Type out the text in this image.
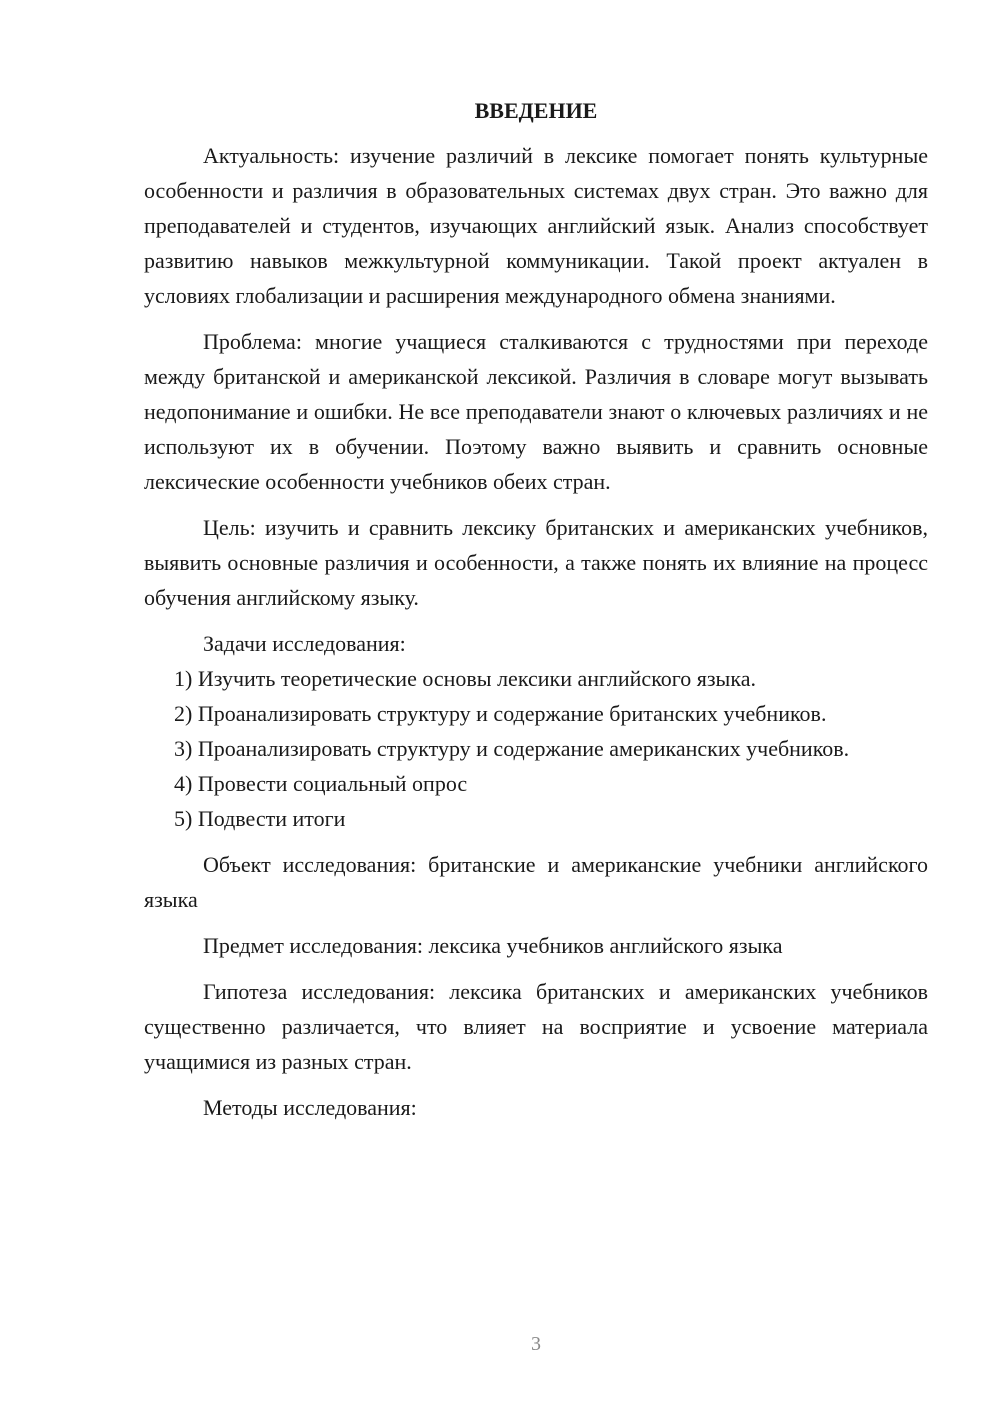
ВВЕДЕНИЕ

Актуальность: изучение различий в лексике помогает понять культурные особенности и различия в образовательных системах двух стран. Это важно для преподавателей и студентов, изучающих английский язык. Анализ способствует развитию навыков межкультурной коммуникации. Такой проект актуален в условиях глобализации и расширения международного обмена знаниями.

Проблема: многие учащиеся сталкиваются с трудностями при переходе между британской и американской лексикой. Различия в словаре могут вызывать недопонимание и ошибки. Не все преподаватели знают о ключевых различиях и не используют их в обучении. Поэтому важно выявить и сравнить основные лексические особенности учебников обеих стран.

Цель: изучить и сравнить лексику британских и американских учебников, выявить основные различия и особенности, а также понять их влияние на процесс обучения английскому языку.

Задачи исследования:

1) Изучить теоретические основы лексики английского языка.

2) Проанализировать структуру и содержание британских учебников.

3) Проанализировать структуру и содержание американских учебников.

4) Провести социальный опрос

5) Подвести итоги

Объект исследования: британские и американские учебники английского языка

Предмет исследования: лексика учебников английского языка

Гипотеза исследования: лексика британских и американских учебников существенно различается, что влияет на восприятие и усвоение материала учащимися из разных стран.

Методы исследования:

3
